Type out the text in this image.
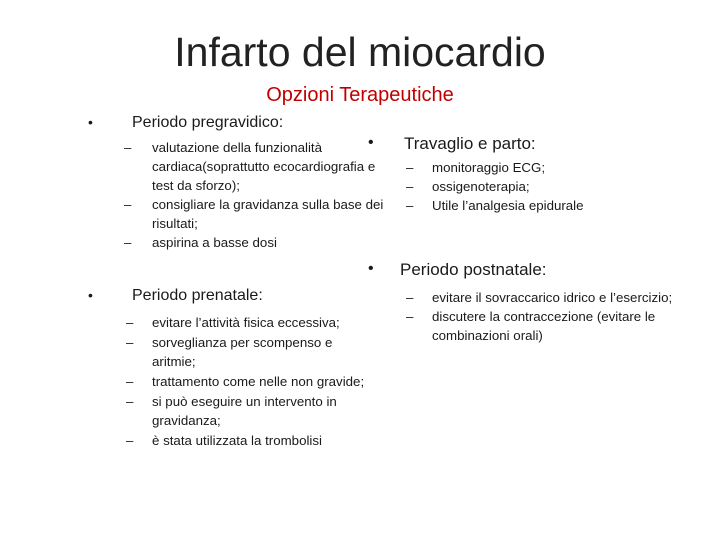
Infarto del miocardio
Opzioni Terapeutiche
• Periodo pregravidico:
– valutazione della funzionalità cardiaca(soprattutto ecocardiografia e test da sforzo);
– consigliare la gravidanza sulla base dei risultati;
– aspirina a basse dosi
• Periodo prenatale:
– evitare l’attività fisica eccessiva;
– sorveglianza per scompenso e aritmie;
– trattamento come nelle non gravide;
– si può eseguire un intervento in gravidanza;
– è stata utilizzata la trombolisi
• Travaglio e parto:
– monitoraggio ECG;
– ossigenoterapia;
– Utile l’analgesia epidurale
• Periodo postnatale:
– evitare il sovraccarico idrico e l’esercizio;
– discutere la contraccezione (evitare le combinazioni orali)
